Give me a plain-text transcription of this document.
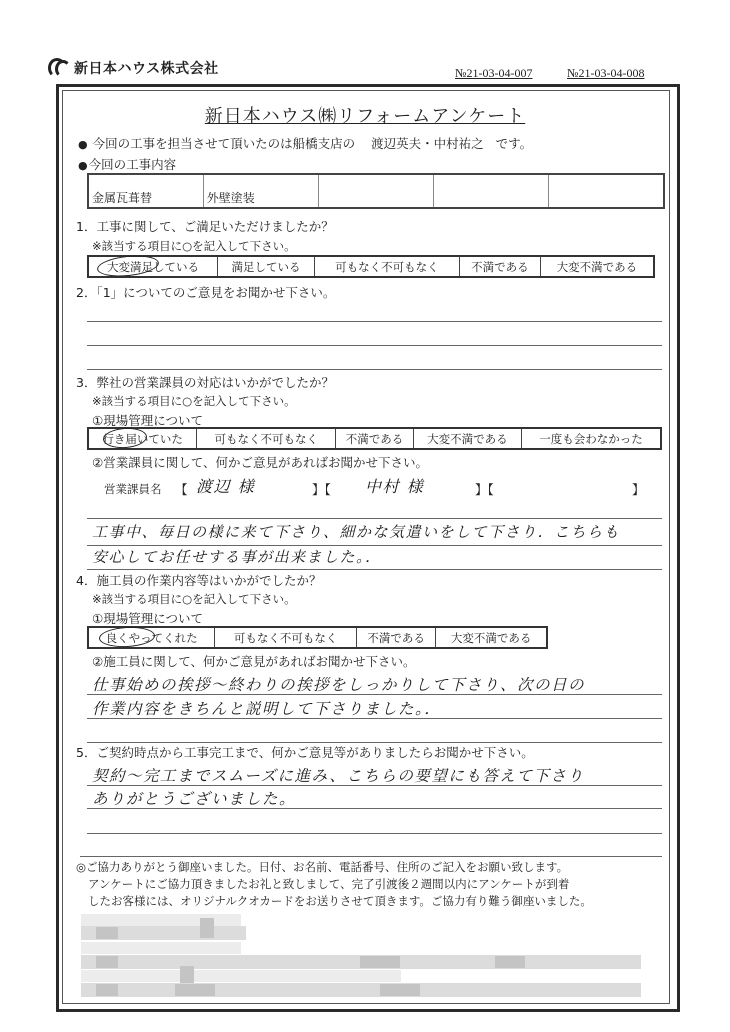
新日本ハウス株式会社	№21-03-04-007	№21-03-04-008
新日本ハウス㈱リフォームアンケート
● 今回の工事を担当させて頂いたのは船橋支店の 渡辺英夫・中村祐之 です。
● 今回の工事内容
金属瓦葺替	外壁塗装			
1．工事に関して、ご満足いただけましたか？
※該当する項目に○を記入して下さい。
大変満足している	満足している	可もなく不可もなく	不満である	大変不満である
2．「1」についてのご意見をお聞かせ下さい。
3．弊社の営業課員の対応はいかがでしたか？
※該当する項目に○を記入して下さい。
①現場管理について
行き届いていた	可もなく不可もなく	不満である	大変不満である	一度も会わなかった
②営業課員に関して、何かご意見があればお聞かせ下さい。
営業課員名 【 渡辺 様	】【 中村 様	】【	】
工事中、毎日の様に来て下さり、細かな気遣いをして下さり．こちらも
安心してお任せする事が出来ました。．
4．施工員の作業内容等はいかがでしたか？
※該当する項目に○を記入して下さい。
①現場管理について
良くやってくれた	可もなく不可もなく	不満である	大変不満である
②施工員に関して、何かご意見があればお聞かせ下さい。
仕事始めの挨拶～終わりの挨拶をしっかりして下さり、次の日の
作業内容をきちんと説明して下さりました。．
5．ご契約時点から工事完工まで、何かご意見等がありましたらお聞かせ下さい。
契約～完工までスムーズに進み、こちらの要望にも答えて下さり
ありがとうございました。
◎ご協力ありがとう御座いました。日付、お名前、電話番号、住所のご記入をお願い致します。
アンケートにご協力頂きましたお礼と致しまして、完了引渡後２週間以内にアンケートが到着
したお客様には、オリジナルクオカードをお送りさせて頂きます。ご協力有り難う御座いました。
